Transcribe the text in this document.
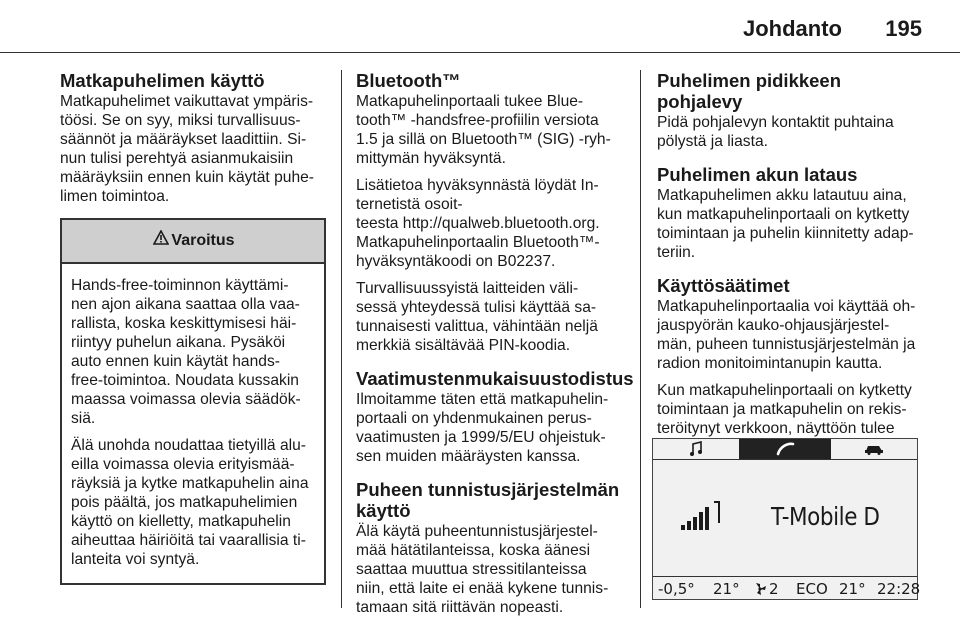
Johdanto 195
Matkapuhelimen käyttö
Matkapuhelimet vaikuttavat ympäris-
töösi. Se on syy, miksi turvallisuus-
säännöt ja määräykset laadittiin. Si-
nun tulisi perehtyä asianmukaisiin
määräyksiin ennen kuin käytät puhe-
limen toimintoa.
Varoitus

Hands-free-toiminnon käyttämi-
nen ajon aikana saattaa olla vaa-
rallista, koska keskittymisesi häi-
riintyy puhelun aikana. Pysäköi
auto ennen kuin käytät hands-
free-toimintoa. Noudata kussakin
maassa voimassa olevia säädök-
siä.

Älä unohda noudattaa tietyillä alu-
eilla voimassa olevia erityismää-
räyksiä ja kytke matkapuhelin aina
pois päältä, jos matkapuhelimien
käyttö on kielletty, matkapuhelin
aiheuttaa häiriöitä tai vaarallisia ti-
lanteita voi syntyä.

Bluetooth™

Matkapuhelinportaali tukee Blue-
tooth™ -handsfree-profiilin versiota
1.5 ja sillä on Bluetooth™ (SIG) -ryh-
mittymän hyväksyntä.

Lisätietoa hyväksynnästä löydät In-
ternetistä osoit-
teesta http://qualweb.bluetooth.org.
Matkapuhelinportaalin Bluetooth™-
hyväksyntäkoodi on B02237.

Turvallisuussyistä laitteiden väli-
sessä yhteydessä tulisi käyttää sa-
tunnaisesti valittua, vähintään neljä
merkkiä sisältävää PIN-koodia.

Vaatimustenmukaisuustodistus

Ilmoitamme täten että matkapuhelin-
portaali on yhdenmukainen perus-
vaatimusten ja 1999/5/EU ohjeistuk-
sen muiden määräysten kanssa.

Puheen tunnistusjärjestelmän
käyttö

Älä käytä puheentunnistusjärjestel-
mää hätätilanteissa, koska äänesi
saattaa muuttua stressitilanteissa
niin, että laite ei enää kykene tunnis-
tamaan sitä riittävän nopeasti.

Puhelimen pidikkeen pohjalevy

Pidä pohjalevyn kontaktit puhtaina
pölystä ja liasta.

Puhelimen akun lataus

Matkapuhelimen akku latautuu aina,
kun matkapuhelinportaali on kytketty
toimintaan ja puhelin kiinnitetty adap-
teriin.

Käyttösäätimet

Matkapuhelinportaalia voi käyttää oh-
jauspyörän kauko-ohjausjärjestel-
män, puheen tunnistusjärjestelmän ja
radion monitoimintanupin kautta.

Kun matkapuhelinportaali on kytketty
toimintaan ja matkapuhelin on rekis-
teröitynyt verkkoon, näyttöön tulee

T-Mobile D
-0,5° 21° 2 ECO 21° 22:28
